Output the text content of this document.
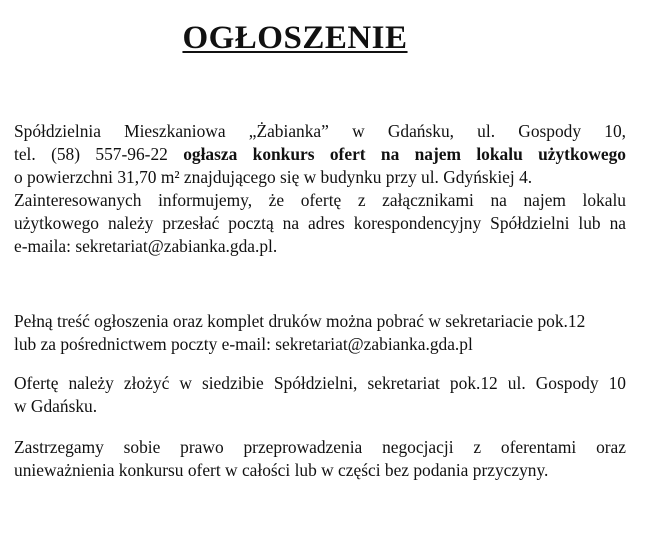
OGŁOSZENIE
Spółdzielnia Mieszkaniowa „Żabianka” w Gdańsku, ul. Gospody 10,
tel. (58) 557-96-22 ogłasza konkurs ofert na najem lokalu użytkowego
o powierzchni 31,70 m² znajdującego się w budynku przy ul. Gdyńskiej 4.
Zainteresowanych informujemy, że ofertę z załącznikami na najem lokalu
użytkowego należy przesłać pocztą na adres korespondencyjny Spółdzielni lub na
e-maila: sekretariat@zabianka.gda.pl.
Pełną treść ogłoszenia oraz komplet druków można pobrać w sekretariacie pok.12
lub za pośrednictwem poczty e-mail: sekretariat@zabianka.gda.pl
Ofertę należy złożyć w siedzibie Spółdzielni, sekretariat pok.12 ul. Gospody 10
w Gdańsku.
Zastrzegamy sobie prawo przeprowadzenia negocjacji z oferentami oraz
unieważnienia konkursu ofert w całości lub w części bez podania przyczyny.
